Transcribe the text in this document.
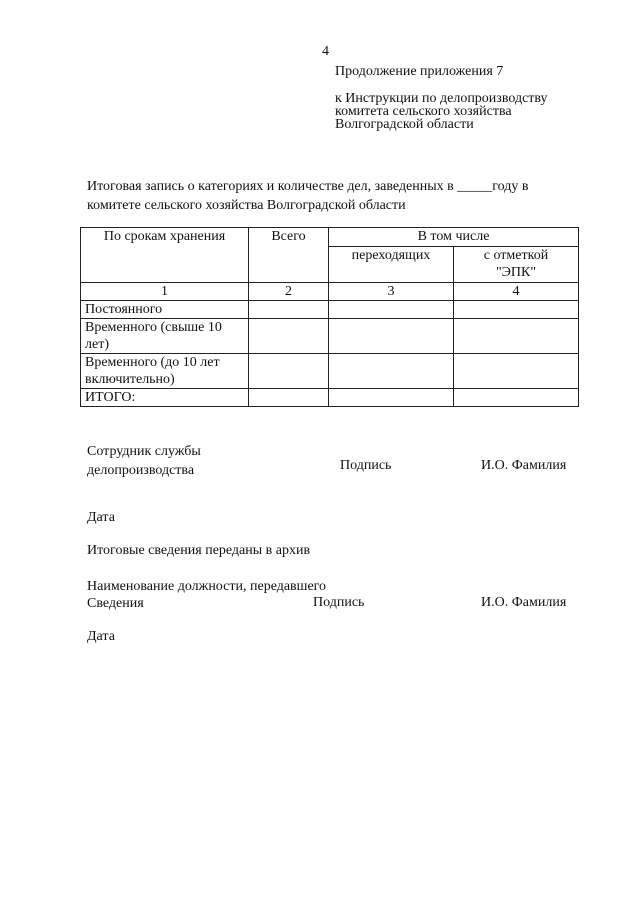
4
Продолжение приложения 7
к Инструкции по делопроизводству
комитета сельского хозяйства
Волгоградской области
Итоговая запись о категориях и количестве дел, заведенных в _____году в
комитете сельского хозяйства Волгоградской области
По срокам хранения	Всего	В том числе	
		переходящих	с отметкой
"ЭПК"

1	2	3	4
Постоянного			
Временного (свыше 10 лет)			
Временного (до 10 лет включительно)			
ИТОГО:			
Сотрудник службы
делопроизводства	Подпись	И.О. Фамилия
Дата
Итоговые сведения переданы в архив
Наименование должности, передавшего
Сведения	Подпись	И.О. Фамилия
Дата
